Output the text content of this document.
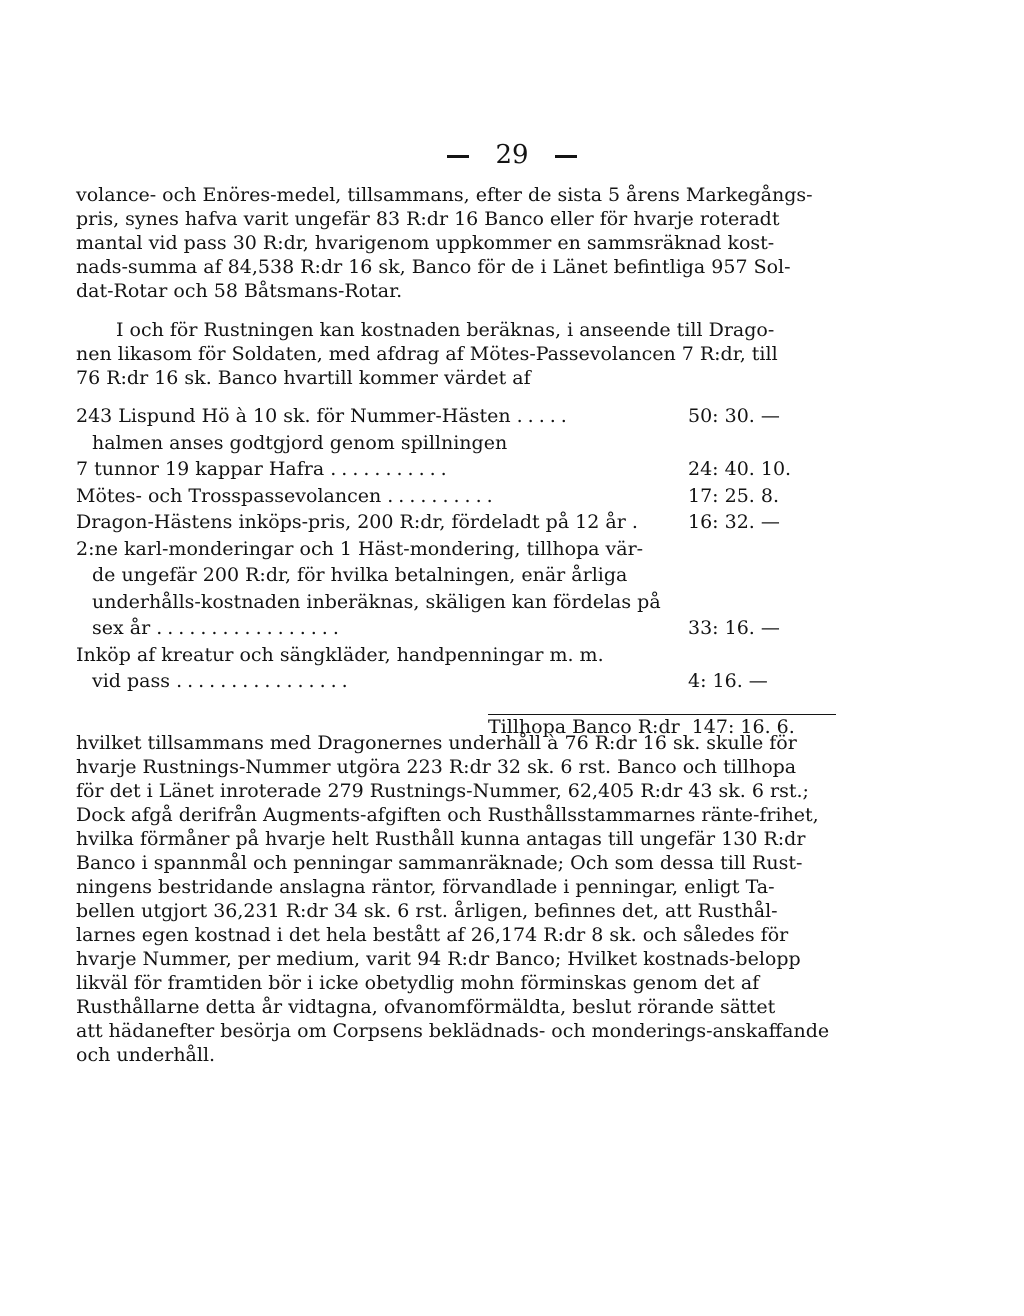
29

volance- och Enöres-medel, tillsammans, efter de sista 5 årens Markegångs-

pris, synes hafva varit ungefär 83 R:dr 16 Banco eller för hvarje roteradt

mantal vid pass 30 R:dr, hvarigenom uppkommer en sammsräknad kost-

nads-summa af 84,538 R:dr 16 sk, Banco för de i Länet befintliga 957 Sol-

dat-Rotar och 58 Båtsmans-Rotar.

I och för Rustningen kan kostnaden beräknas, i anseende till Drago-

nen likasom för Soldaten, med afdrag af Mötes-Passevolancen 7 R:dr, till

76 R:dr 16 sk. Banco hvartill kommer värdet af

243 Lispund Hö à 10 sk. för Nummer-Hästen .....	50: 30. —
halmen anses godtgjord genom spillningen
7 tunnor 19 kappar Hafra ...........	24: 40. 10.
Mötes- och Trosspassevolancen ..........	17: 25. 8.
Dragon-Hästens inköps-pris, 200 R:dr, fördeladt på 12 år .	16: 32. —
2:ne karl-monderingar och 1 Häst-mondering, tillhopa vär-
de ungefär 200 R:dr, för hvilka betalningen, enär årliga
underhålls-kostnaden inberäknas, skäligen kan fördelas på
sex år .................	33: 16. —
Inköp af kreatur och sängkläder, handpenningar m. m.
vid pass ................	4: 16. —
Tillhopa Banco R:dr 147: 16. 6.

hvilket tillsammans med Dragonernes underhåll à 76 R:dr 16 sk. skulle för

hvarje Rustnings-Nummer utgöra 223 R:dr 32 sk. 6 rst. Banco och tillhopa

för det i Länet inroterade 279 Rustnings-Nummer, 62,405 R:dr 43 sk. 6 rst.;

Dock afgå derifrån Augments-afgiften och Rusthållsstammarnes ränte-frihet,

hvilka förmåner på hvarje helt Rusthåll kunna antagas till ungefär 130 R:dr

Banco i spannmål och penningar sammanräknade; Och som dessa till Rust-

ningens bestridande anslagna räntor, förvandlade i penningar, enligt Ta-

bellen utgjort 36,231 R:dr 34 sk. 6 rst. årligen, befinnes det, att Rusthål-

larnes egen kostnad i det hela bestått af 26,174 R:dr 8 sk. och således för

hvarje Nummer, per medium, varit 94 R:dr Banco; Hvilket kostnads-belopp

likväl för framtiden bör i icke obetydlig mohn förminskas genom det af

Rusthållarne detta år vidtagna, ofvanomförmäldta, beslut rörande sättet

att hädanefter besörja om Corpsens beklädnads- och monderings-anskaffande

och underhåll.
